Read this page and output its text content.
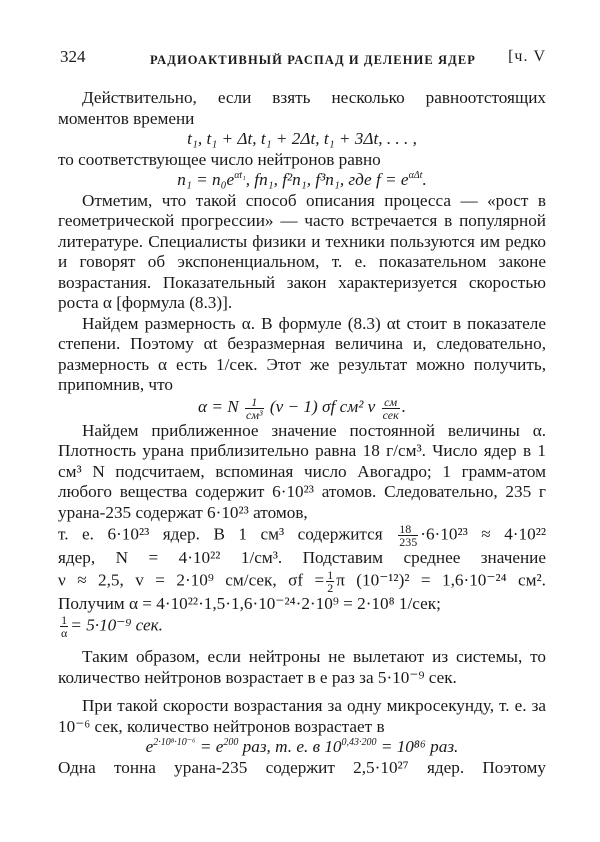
324	РАДИОАКТИВНЫЙ РАСПАД И ДЕЛЕНИЕ ЯДЕР [ч. V

Действительно, если взять несколько равноотстоящих моментов времени

t₁, t₁ + Δt, t₁ + 2Δt, t₁ + 3Δt, . . . ,

то соответствующее число нейтронов равно

$n_1 = n_0e^{\alpha t_1}$, fn₁, f²n₁, f³n₁, где $f = e^{\alpha\Delta t}$.

Отметим, что такой способ описания процесса — «рост в геометрической прогрессии» — часто встречается в популярной литературе. Специалисты физики и техники пользуются им редко и говорят об экспоненциальном, т. е. показательном законе возрастания. Показательный закон характеризуется скоростью роста α [формула (8.3)].

Найдем размерность α. В формуле (8.3) αt стоит в показателе степени. Поэтому αt безразмерная величина и, следовательно, размерность α есть 1/сек. Этот же результат можно получить, припомнив, что

α = N $\frac{1}{\text{см³}} (\nu - 1)$ σf см² v $\frac{см}{\text{сек}}$ .

Найдем приближенное значение постоянной величины α. Плотность урана приблизительно равна 18 г/см³. Число ядер в 1 см³ N подсчитаем, вспоминая число Авогадро; 1 грамм-атом любого вещества содержит 6·10²³ атомов. Следовательно, 235 г урана-235 содержат 6·10²³ атомов,

т. е. 6·10²³ ядер. В 1 см³ содержится $\frac{18}{235} \cdot 6\cdot 10^{23} \approx 4\cdot 10^{22}$

ядер, N = 4·10²² 1/см³. Подставим среднее значение

ν ≈ 2,5, v = 2·10⁹ см/сек, $\sigma f = \frac{1}{2}$ π (10⁻¹²)² = 1,6·10⁻²⁴ см².

Получим α = 4·10²²·1,5·1,6·10⁻²⁴·2·10⁹ = 2·10⁸ 1/сек;

$\frac{1}{\alpha} = 5\cdot 10^{-9}$ сек.

Таким образом, если нейтроны не вылетают из системы, то количество нейтронов возрастает в e раз за 5·10⁻⁹ сек.

При такой скорости возрастания за одну микросекунду, т. е. за 10⁻⁶ сек, количество нейтронов возрастает в

$e^{2\cdot 10^8\cdot 10^{-6}} = e^{200}$ раз, т. е. в $10^{0,43\cdot 200} = 10^{86}$ раз.

Одна тонна урана-235 содержит 2,5·10²⁷ ядер. Поэтому
